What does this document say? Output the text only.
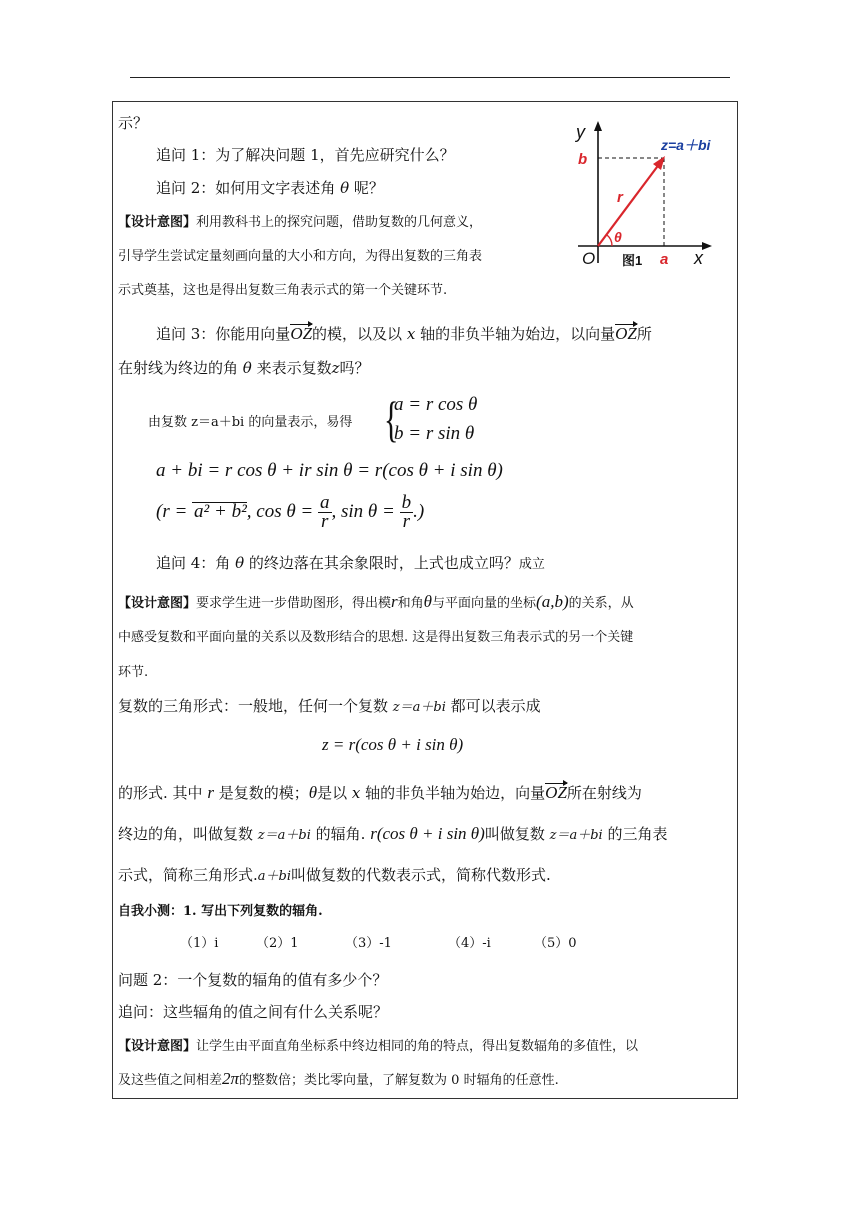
y
b
z=a＋bi
r
θ
O 图1 a x
示？
追问 1：为了解决问题 1，首先应研究什么？
追问 2：如何用文字表述角 θ 呢？
【设计意图】利用教科书上的探究问题，借助复数的几何意义，
引导学生尝试定量刻画向量的大小和方向，为得出复数的三角表
示式奠基，这也是得出复数三角表示式的第一个关键环节.
追问 3：你能用向量OZ的模，以及以 x 轴的非负半轴为始边，以向量OZ所
在射线为终边的角 θ 来表示复数z吗？
由复数 z＝a＋bi 的向量表示，易得 {
a = r cos θ
b = r sin θ
a + bi = r cos θ + ir sin θ = r(cos θ + i sin θ)
(r = a² + b², $\cos \theta = \frac{a}{r}$ , $\sin \theta = \frac{b}{r}$ .)
追问 4：角 θ 的终边落在其余象限时，上式也成立吗？成立
【设计意图】要求学生进一步借助图形，得出模r和角θ与平面向量的坐标(a,b)的关系，从
中感受复数和平面向量的关系以及数形结合的思想. 这是得出复数三角表示式的另一个关键
环节.
复数的三角形式：一般地，任何一个复数 z＝a＋bi 都可以表示成
z = r(cos θ + i sin θ)
的形式. 其中 r 是复数的模；θ是以 x 轴的非负半轴为始边，向量OZ所在射线为
终边的角，叫做复数 z＝a＋bi 的辐角. r(cos θ + i sin θ)叫做复数 z＝a＋bi 的三角表
示式，简称三角形式.a＋bi叫做复数的代数表示式，简称代数形式.
自我小测：1. 写出下列复数的辐角.
（1）i	（2）1	（3）-1	（4）-i	（5）0
问题 2：一个复数的辐角的值有多少个？
追问：这些辐角的值之间有什么关系呢？
【设计意图】让学生由平面直角坐标系中终边相同的角的特点，得出复数辐角的多值性，以
及这些值之间相差2π的整数倍；类比零向量，了解复数为 0 时辐角的任意性.
